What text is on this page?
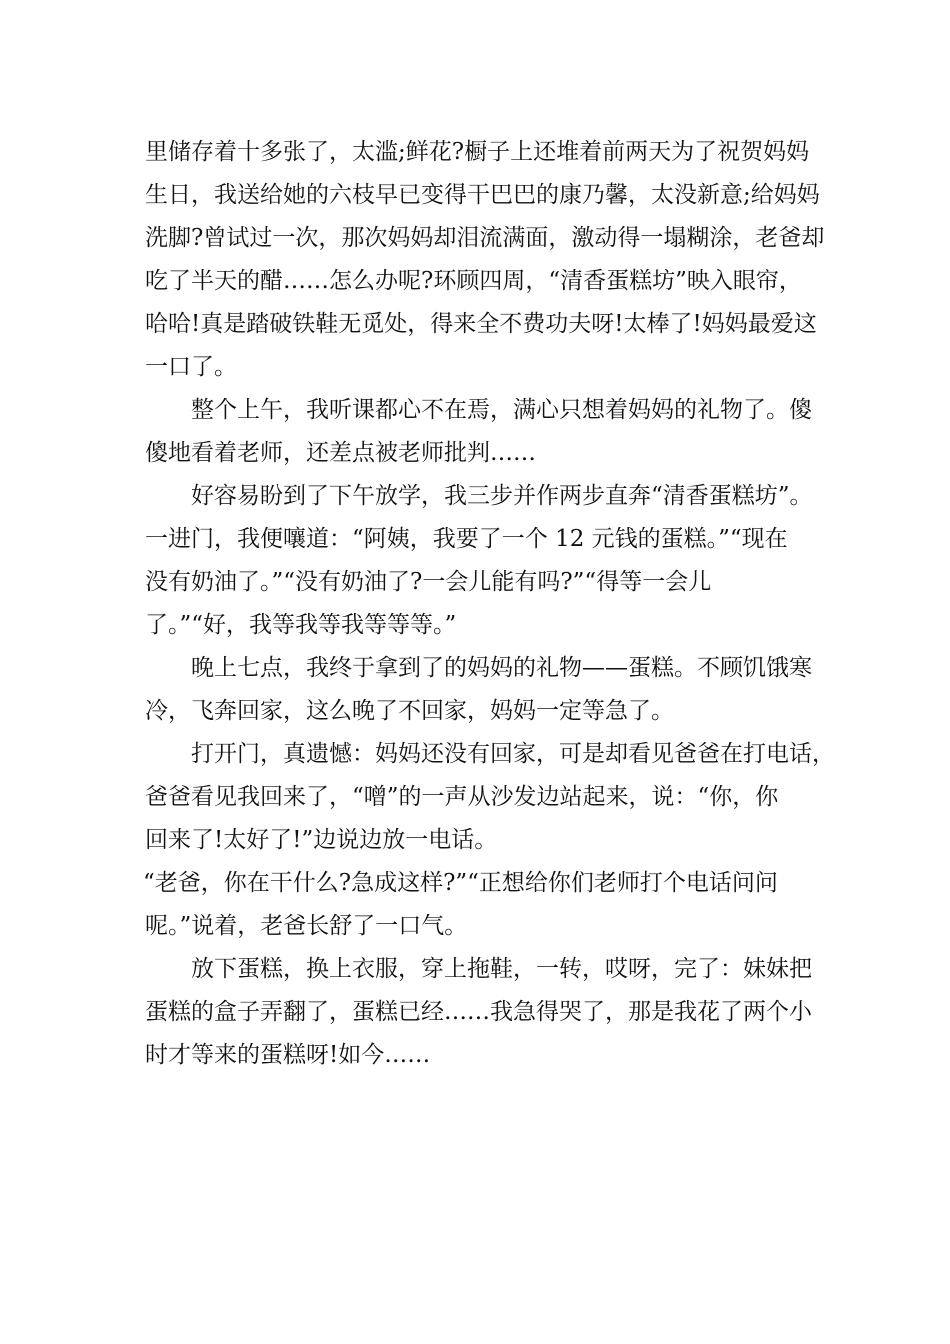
里储存着十多张了，太滥;鲜花?橱子上还堆着前两天为了祝贺妈妈
生日，我送给她的六枝早已变得干巴巴的康乃馨，太没新意;给妈妈
洗脚?曾试过一次，那次妈妈却泪流满面，激动得一塌糊涂，老爸却
吃了半天的醋……怎么办呢?环顾四周，“清香蛋糕坊”映入眼帘，
哈哈!真是踏破铁鞋无觅处，得来全不费功夫呀!太棒了!妈妈最爱这
一口了。
整个上午，我听课都心不在焉，满心只想着妈妈的礼物了。傻
傻地看着老师，还差点被老师批判……
好容易盼到了下午放学，我三步并作两步直奔“清香蛋糕坊”。
一进门，我便嚷道：“阿姨，我要了一个 12 元钱的蛋糕。”“现在
没有奶油了。”“没有奶油了?一会儿能有吗?”“得等一会儿
了。”“好，我等我等我等等等。”
晚上七点，我终于拿到了的妈妈的礼物——蛋糕。不顾饥饿寒
冷，飞奔回家，这么晚了不回家，妈妈一定等急了。
打开门，真遗憾：妈妈还没有回家，可是却看见爸爸在打电话，
爸爸看见我回来了，“噌”的一声从沙发边站起来，说：“你，你
回来了!太好了!”边说边放一电话。
“老爸，你在干什么?急成这样?”“正想给你们老师打个电话问问
呢。”说着，老爸长舒了一口气。
放下蛋糕，换上衣服，穿上拖鞋，一转，哎呀，完了：妹妹把
蛋糕的盒子弄翻了，蛋糕已经……我急得哭了，那是我花了两个小
时才等来的蛋糕呀!如今……
